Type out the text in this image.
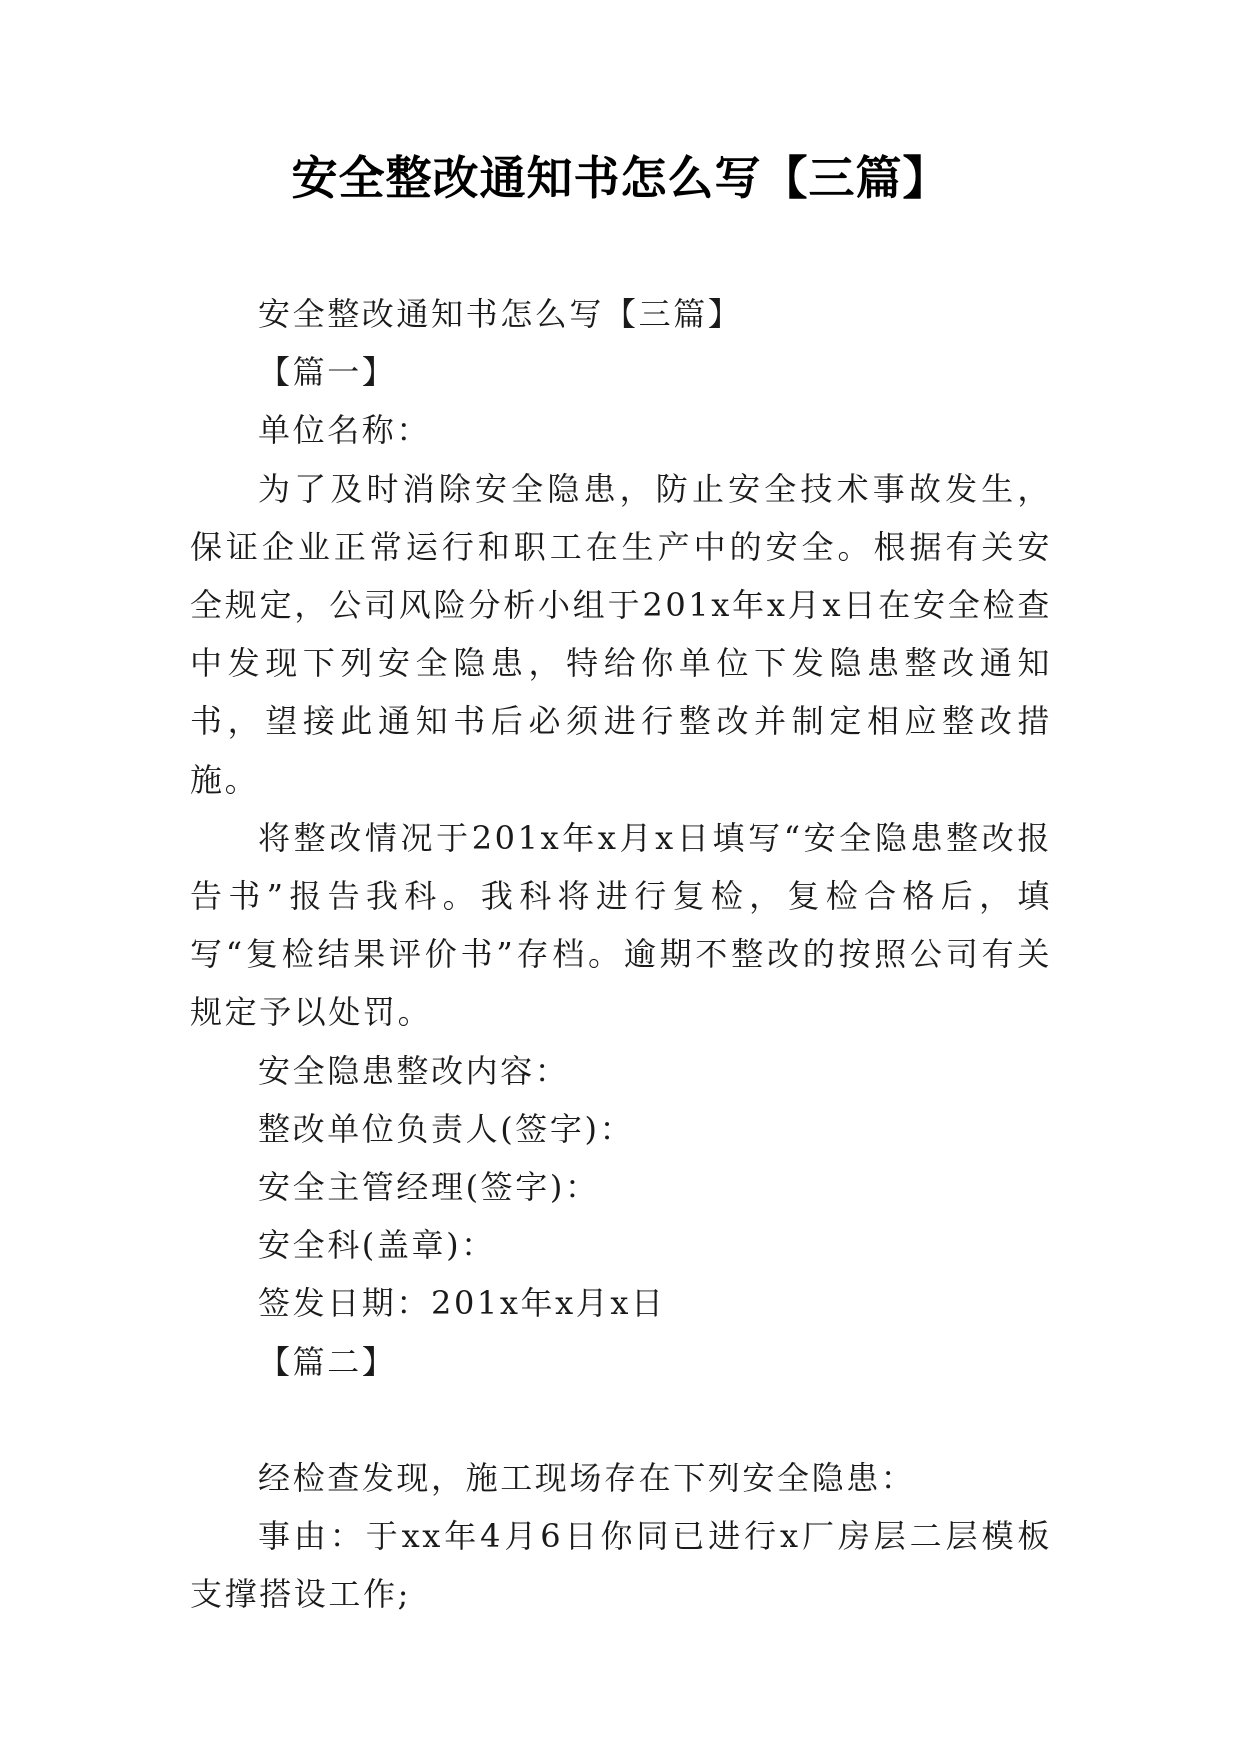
安全整改通知书怎么写【三篇】

安全整改通知书怎么写【三篇】

【篇一】

单位名称：

为了及时消除安全隐患，防止安全技术事故发生，保证企业正常运行和职工在生产中的安全。根据有关安全规定，公司风险分析小组于201x年x月x日在安全检查中发现下列安全隐患，特给你单位下发隐患整改通知书，望接此通知书后必须进行整改并制定相应整改措施。

将整改情况于201x年x月x日填写“安全隐患整改报告书”报告我科。我科将进行复检，复检合格后，填写“复检结果评价书”存档。逾期不整改的按照公司有关规定予以处罚。

安全隐患整改内容：

整改单位负责人(签字)：

安全主管经理(签字)：

安全科(盖章)：

签发日期：201x年x月x日

【篇二】

经检查发现，施工现场存在下列安全隐患：

事由：于xx年4月6日你同已进行x厂房层二层模板支撑搭设工作;
